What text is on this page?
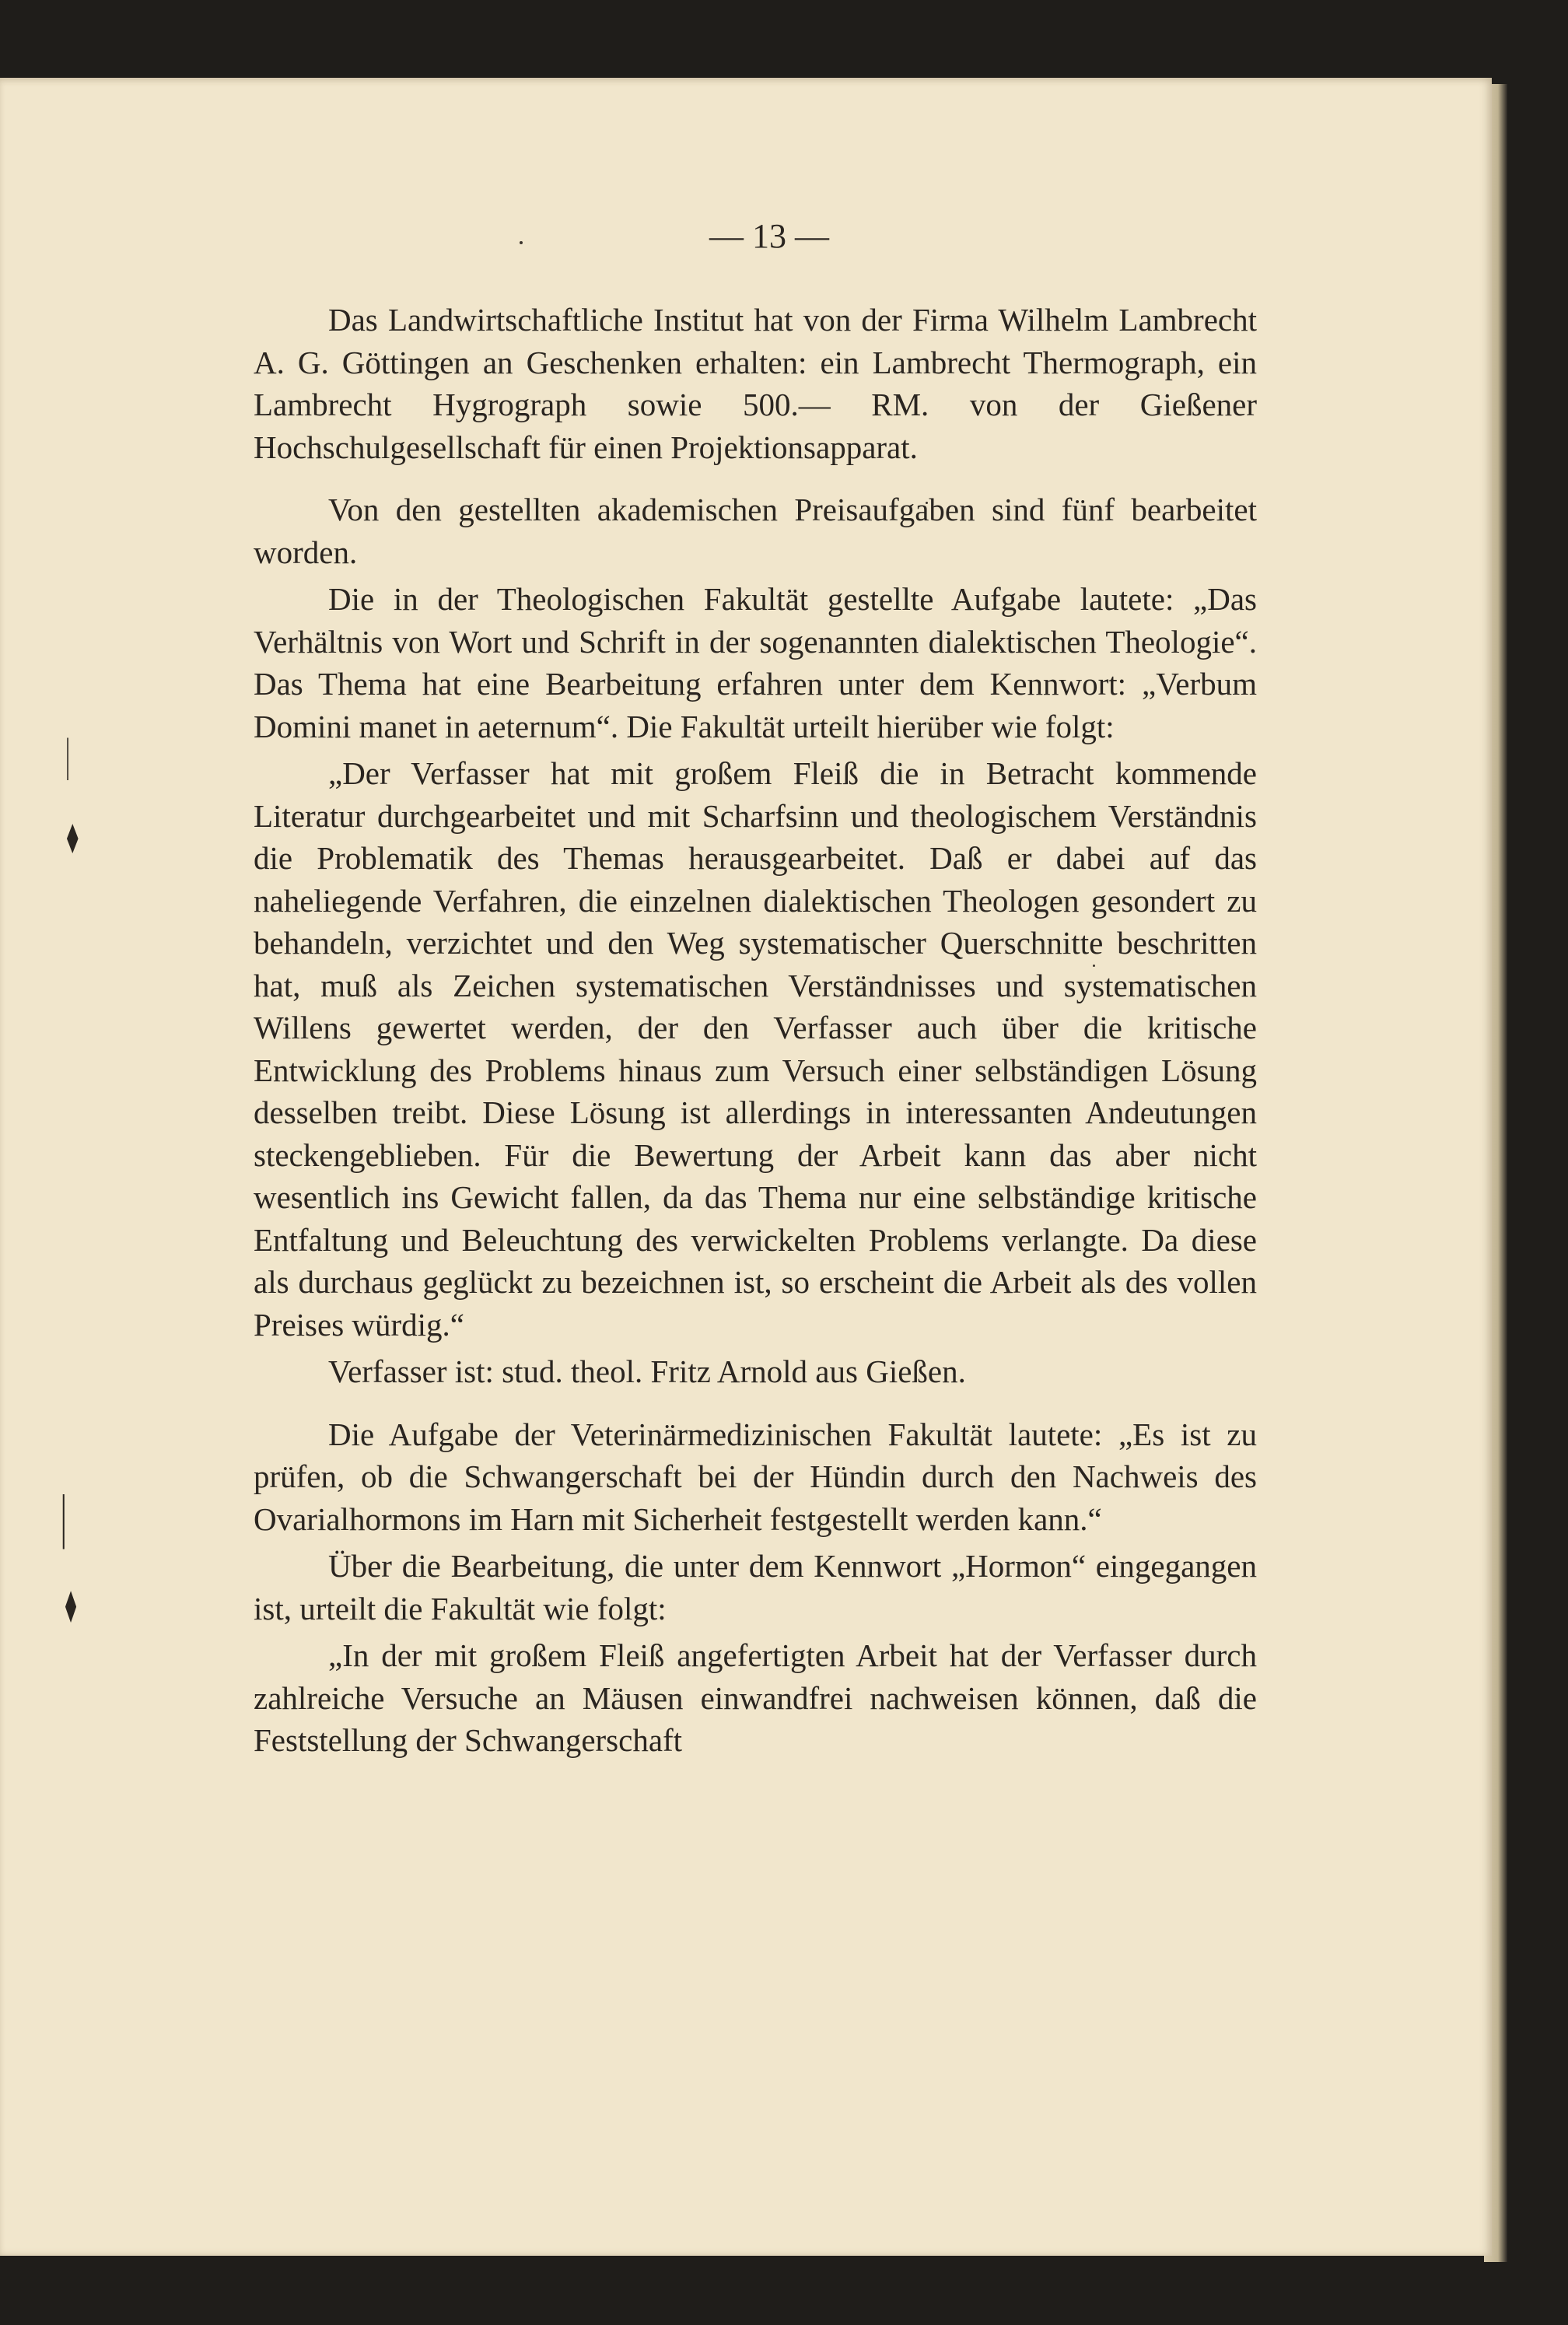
|
♦
|
♦
— 13 —

Das Landwirtschaftliche Institut hat von der Firma Wilhelm Lambrecht A. G. Göttingen an Geschenken erhalten: ein Lambrecht Thermograph, ein Lambrecht Hygrograph sowie 500.— RM. von der Gießener Hochschulgesellschaft für einen Projektionsapparat.

Von den gestellten akademischen Preisaufgaben sind fünf bearbeitet worden.

Die in der Theologischen Fakultät gestellte Aufgabe lautete: „Das Verhältnis von Wort und Schrift in der sogenannten dialektischen Theologie“. Das Thema hat eine Bearbeitung erfahren unter dem Kennwort: „Verbum Domini manet in aeternum“. Die Fakultät urteilt hierüber wie folgt:

„Der Verfasser hat mit großem Fleiß die in Betracht kommende Literatur durchgearbeitet und mit Scharfsinn und theologischem Verständnis die Problematik des Themas herausgearbeitet. Daß er dabei auf das naheliegende Verfahren, die einzelnen dialektischen Theologen gesondert zu behandeln, verzichtet und den Weg systematischer Querschnitte beschritten hat, muß als Zeichen systematischen Verständnisses und systematischen Willens gewertet werden, der den Verfasser auch über die kritische Entwicklung des Problems hinaus zum Versuch einer selbständigen Lösung desselben treibt. Diese Lösung ist allerdings in interessanten Andeutungen steckengeblieben. Für die Bewertung der Arbeit kann das aber nicht wesentlich ins Gewicht fallen, da das Thema nur eine selbständige kritische Entfaltung und Beleuchtung des verwickelten Problems verlangte. Da diese als durchaus geglückt zu bezeichnen ist, so erscheint die Arbeit als des vollen Preises würdig.“

Verfasser ist: stud. theol. Fritz Arnold aus Gießen.

Die Aufgabe der Veterinärmedizinischen Fakultät lautete: „Es ist zu prüfen, ob die Schwangerschaft bei der Hündin durch den Nachweis des Ovarialhormons im Harn mit Sicherheit festgestellt werden kann.“

Über die Bearbeitung, die unter dem Kennwort „Hormon“ eingegangen ist, urteilt die Fakultät wie folgt:

„In der mit großem Fleiß angefertigten Arbeit hat der Verfasser durch zahlreiche Versuche an Mäusen einwandfrei nachweisen können, daß die Feststellung der Schwangerschaft
